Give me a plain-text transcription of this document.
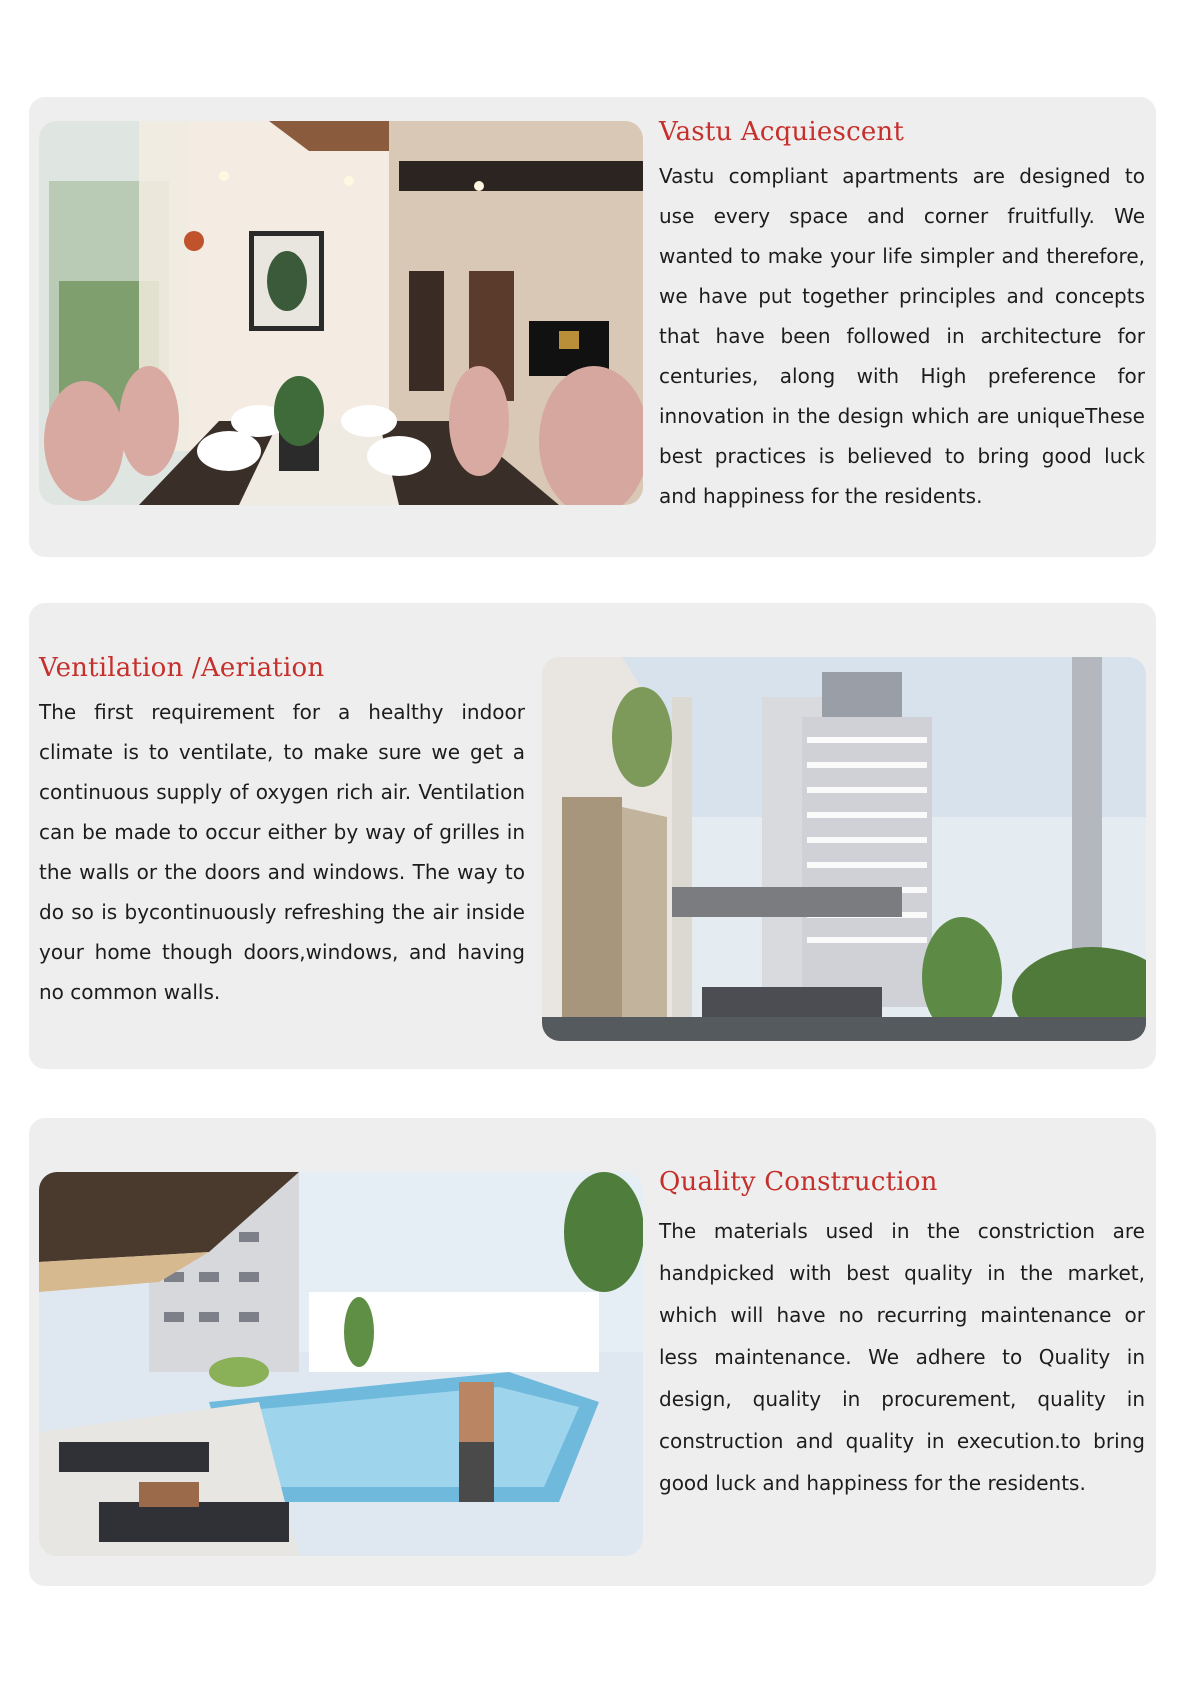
Vastu Acquiescent

Vastu compliant apartments are designed to use every space and corner fruitfully. We wanted to make your life simpler and therefore, we have put together principles and concepts that have been followed in architecture for centuries, along with High preference for innovation in the design which are uniqueThese best practices is believed to bring good luck and happiness for the residents.

Ventilation /Aeriation

The first requirement for a healthy indoor climate is to ventilate, to make sure we get a continuous supply of oxygen rich air. Ventilation can be made to occur either by way of grilles in the walls or the doors and windows. The way to do so is bycontinuously refreshing the air inside your home though doors,windows, and having no common walls.

Quality Construction

The materials used in the constriction are handpicked with best quality in the market, which will have no recurring maintenance or less maintenance. We adhere to Quality in design, quality in procurement, quality in construction and quality in execution.to bring good luck and happiness for the residents.
